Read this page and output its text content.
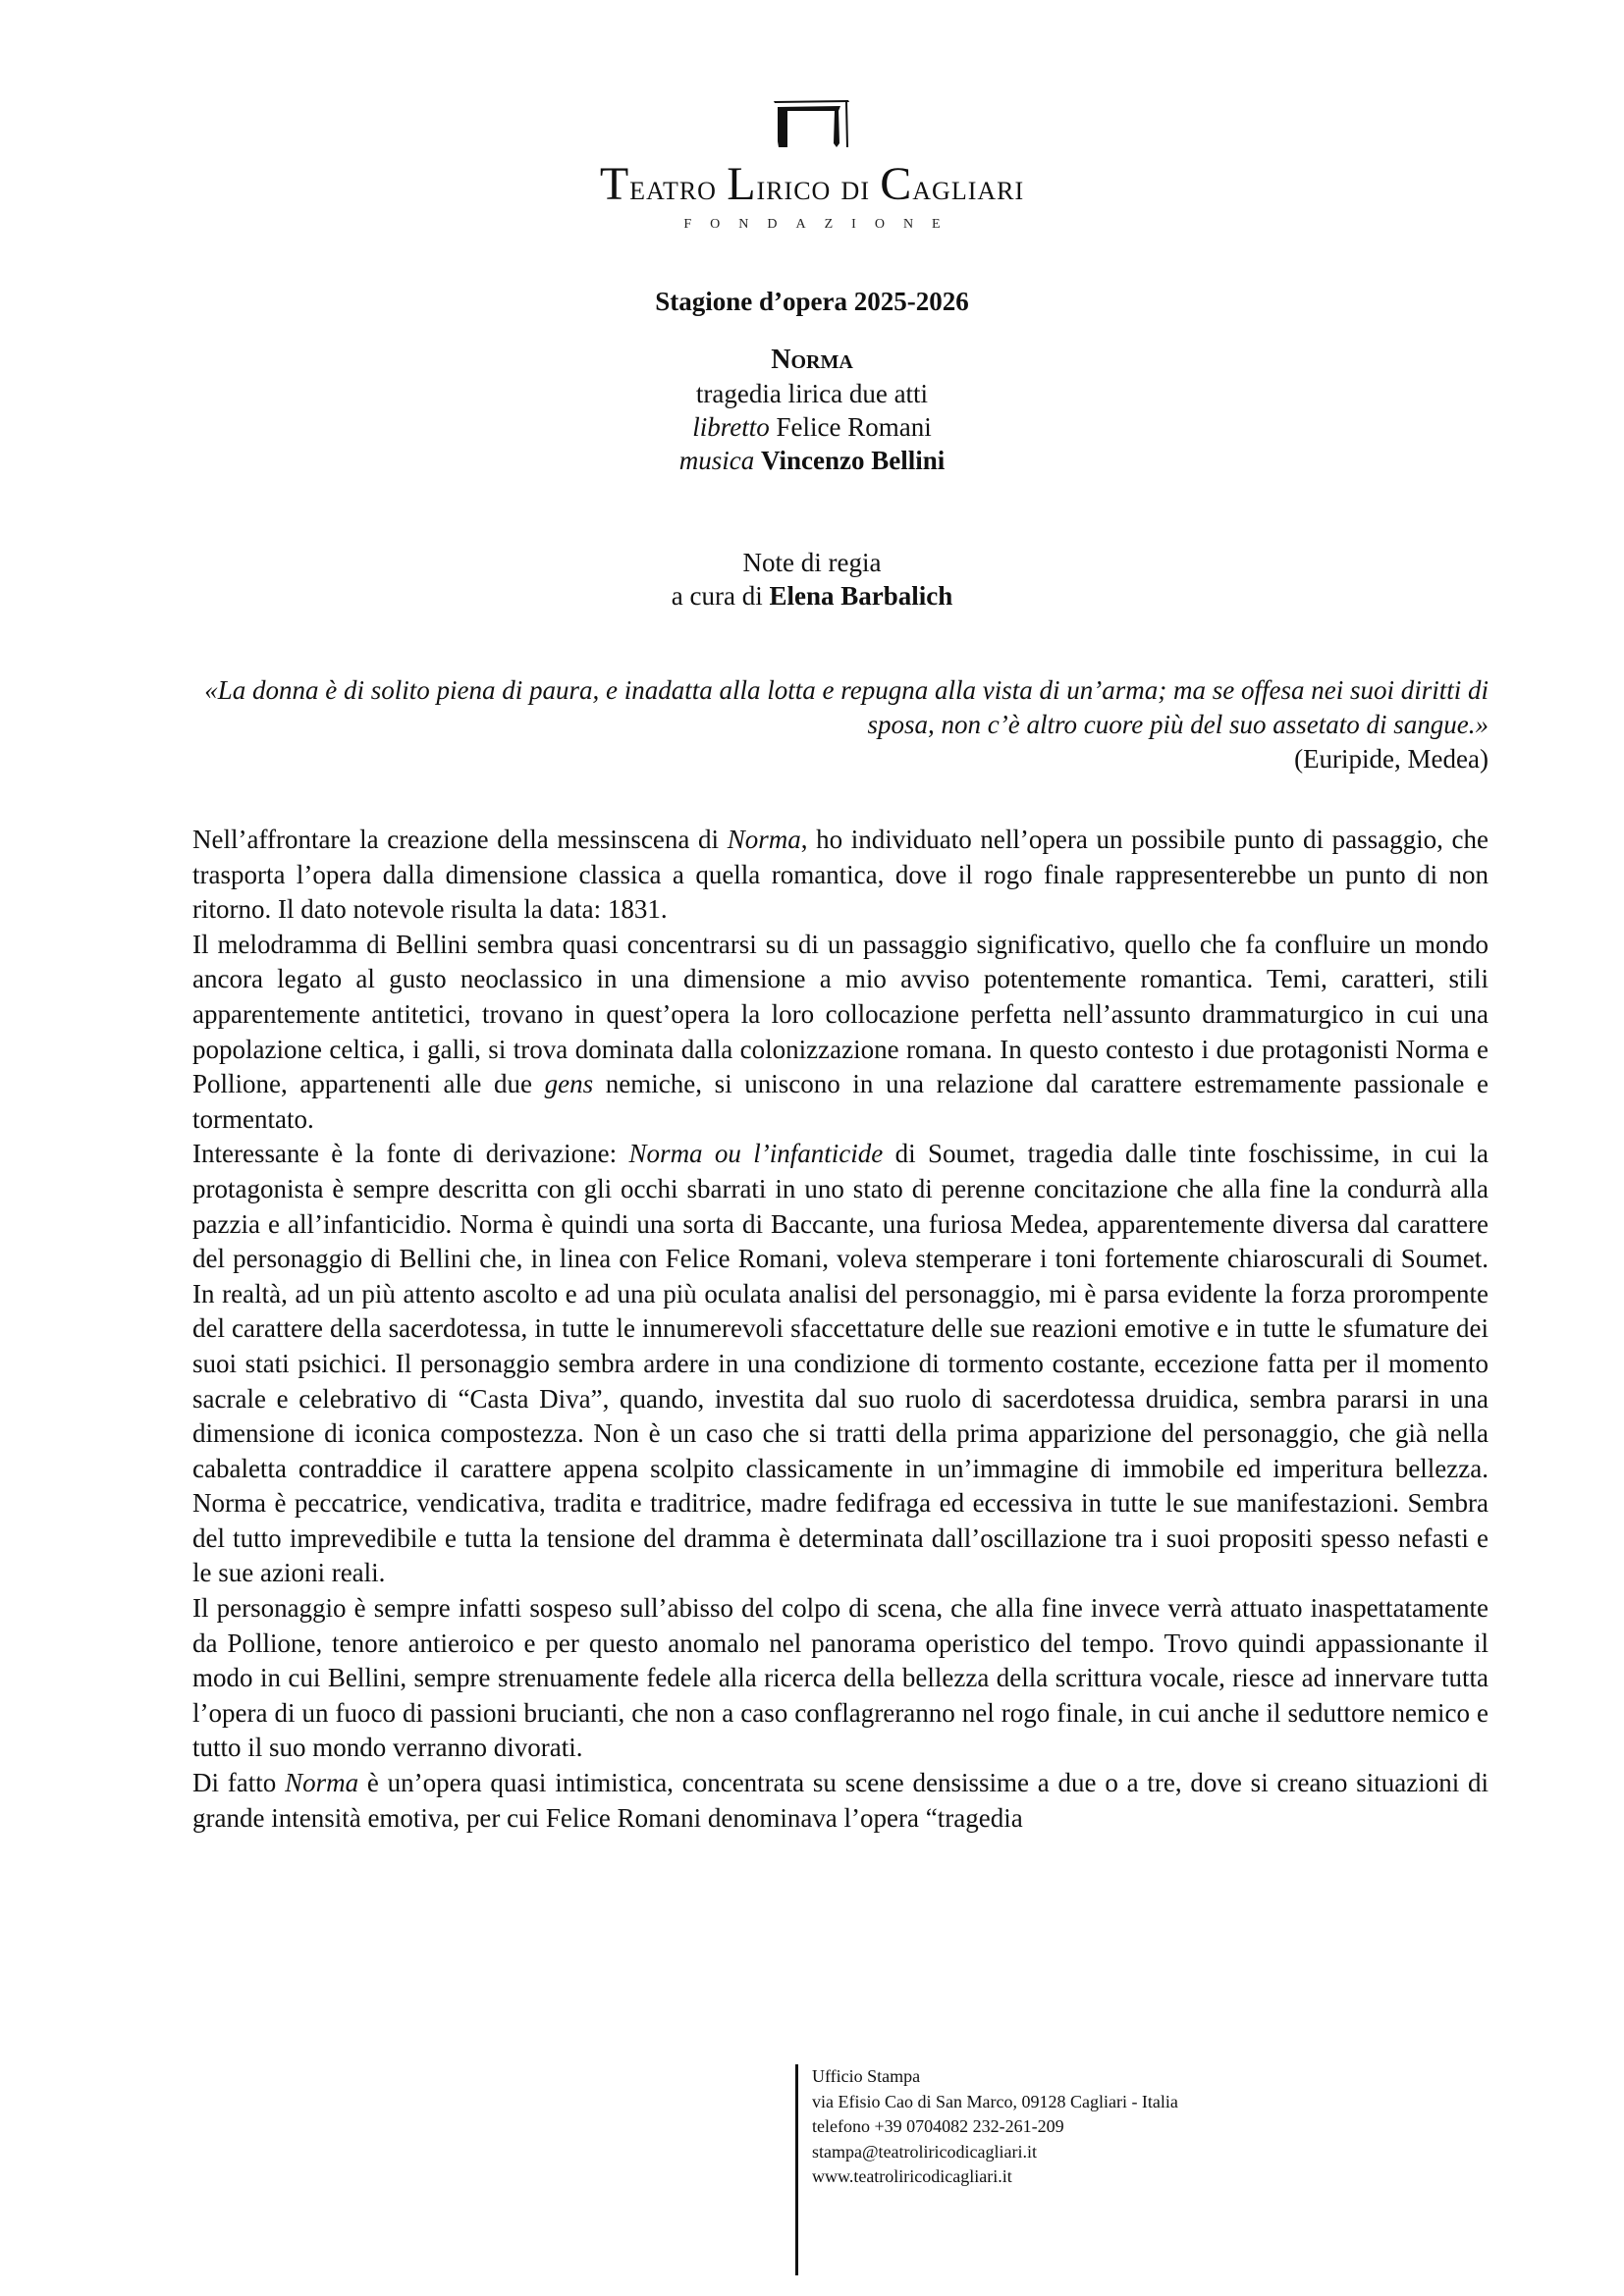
Teatro Lirico di Cagliari
FONDAZIONE
Stagione d’opera 2025-2026
Norma
tragedia lirica due atti
libretto Felice Romani
musica Vincenzo Bellini
Note di regia
a cura di Elena Barbalich
«La donna è di solito piena di paura, e inadatta alla lotta e repugna alla vista di un’arma; ma se offesa nei suoi diritti di sposa, non c’è altro cuore più del suo assetato di sangue.»
(Euripide, Medea)

Nell’affrontare la creazione della messinscena di Norma, ho individuato nell’opera un possibile punto di passaggio, che trasporta l’opera dalla dimensione classica a quella romantica, dove il rogo finale rappresenterebbe un punto di non ritorno. Il dato notevole risulta la data: 1831.

Il melodramma di Bellini sembra quasi concentrarsi su di un passaggio significativo, quello che fa confluire un mondo ancora legato al gusto neoclassico in una dimensione a mio avviso potentemente romantica. Temi, caratteri, stili apparentemente antitetici, trovano in quest’opera la loro collocazione perfetta nell’assunto drammaturgico in cui una popolazione celtica, i galli, si trova dominata dalla colonizzazione romana. In questo contesto i due protagonisti Norma e Pollione, appartenenti alle due gens nemiche, si uniscono in una relazione dal carattere estremamente passionale e tormentato.

Interessante è la fonte di derivazione: Norma ou l’infanticide di Soumet, tragedia dalle tinte foschissime, in cui la protagonista è sempre descritta con gli occhi sbarrati in uno stato di perenne concitazione che alla fine la condurrà alla pazzia e all’infanticidio. Norma è quindi una sorta di Baccante, una furiosa Medea, apparentemente diversa dal carattere del personaggio di Bellini che, in linea con Felice Romani, voleva stemperare i toni fortemente chiaroscurali di Soumet. In realtà, ad un più attento ascolto e ad una più oculata analisi del personaggio, mi è parsa evidente la forza prorompente del carattere della sacerdotessa, in tutte le innumerevoli sfaccettature delle sue reazioni emotive e in tutte le sfumature dei suoi stati psichici. Il personaggio sembra ardere in una condizione di tormento costante, eccezione fatta per il momento sacrale e celebrativo di “Casta Diva”, quando, investita dal suo ruolo di sacerdotessa druidica, sembra pararsi in una dimensione di iconica compostezza. Non è un caso che si tratti della prima apparizione del personaggio, che già nella cabaletta contraddice il carattere appena scolpito classicamente in un’immagine di immobile ed imperitura bellezza. Norma è peccatrice, vendicativa, tradita e traditrice, madre fedifraga ed eccessiva in tutte le sue manifestazioni. Sembra del tutto imprevedibile e tutta la tensione del dramma è determinata dall’oscillazione tra i suoi propositi spesso nefasti e le sue azioni reali.

Il personaggio è sempre infatti sospeso sull’abisso del colpo di scena, che alla fine invece verrà attuato inaspettatamente da Pollione, tenore antieroico e per questo anomalo nel panorama operistico del tempo. Trovo quindi appassionante il modo in cui Bellini, sempre strenuamente fedele alla ricerca della bellezza della scrittura vocale, riesce ad innervare tutta l’opera di un fuoco di passioni brucianti, che non a caso conflagreranno nel rogo finale, in cui anche il seduttore nemico e tutto il suo mondo verranno divorati.

Di fatto Norma è un’opera quasi intimistica, concentrata su scene densissime a due o a tre, dove si creano situazioni di grande intensità emotiva, per cui Felice Romani denominava l’opera “tragedia

Ufficio Stampa
via Efisio Cao di San Marco, 09128 Cagliari - Italia
telefono +39 0704082 232-261-209
stampa@teatroliricodicagliari.it
www.teatroliricodicagliari.it
